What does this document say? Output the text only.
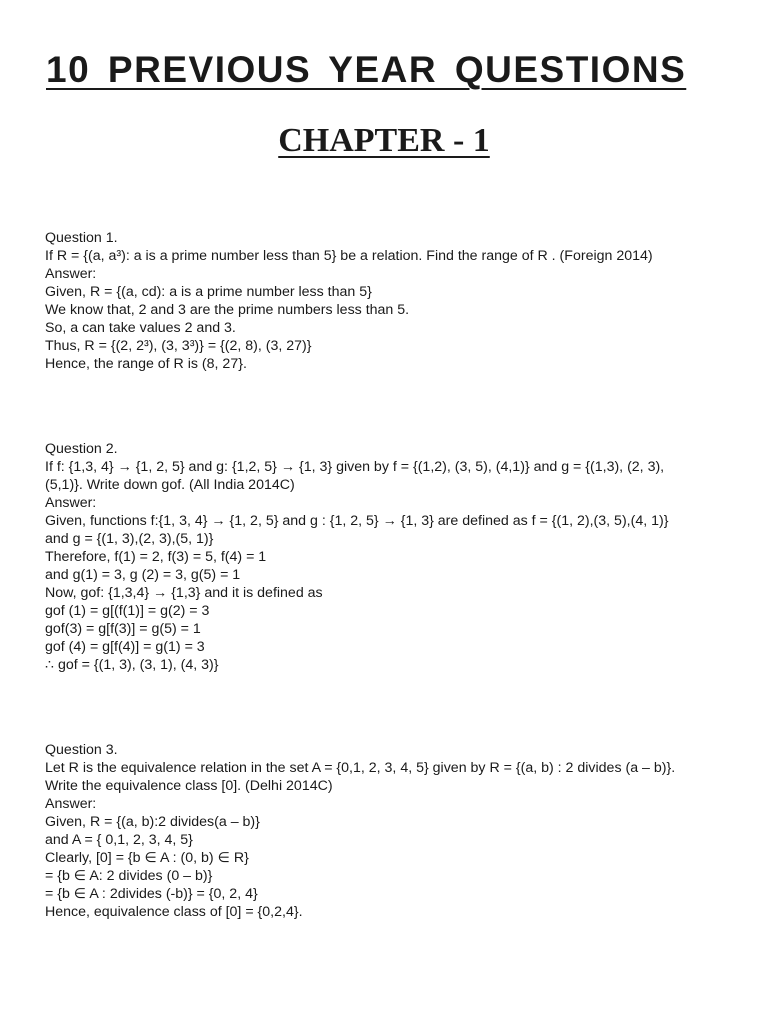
10 PREVIOUS YEAR QUESTIONS
CHAPTER - 1
Question 1.
If R = {(a, a³): a is a prime number less than 5} be a relation. Find the range of R . (Foreign 2014)
Answer:
Given, R = {(a, cd): a is a prime number less than 5}
We know that, 2 and 3 are the prime numbers less than 5.
So, a can take values 2 and 3.
Thus, R = {(2, 2³), (3, 3³)} = {(2, 8), (3, 27)}
Hence, the range of R is (8, 27}.
Question 2.
If f: {1,3, 4} → {1, 2, 5} and g: {1,2, 5} → {1, 3} given by f = {(1,2), (3, 5), (4,1)} and g = {(1,3), (2, 3),
(5,1)}. Write down gof. (All India 2014C)
Answer:
Given, functions f:{1, 3, 4} → {1, 2, 5} and g : {1, 2, 5} → {1, 3} are defined as f = {(1, 2),(3, 5),(4, 1)}
and g = {(1, 3),(2, 3),(5, 1)}
Therefore, f(1) = 2, f(3) = 5, f(4) = 1
and g(1) = 3, g (2) = 3, g(5) = 1
Now, gof: {1,3,4} → {1,3} and it is defined as
gof (1) = g[(f(1)] = g(2) = 3
gof(3) = g[f(3)] = g(5) = 1
gof (4) = g[f(4)] = g(1) = 3
∴ gof = {(1, 3), (3, 1), (4, 3)}
Question 3.
Let R is the equivalence relation in the set A = {0,1, 2, 3, 4, 5} given by R = {(a, b) : 2 divides (a – b)}.
Write the equivalence class [0]. (Delhi 2014C)
Answer:
Given, R = {(a, b):2 divides(a – b)}
and A = { 0,1, 2, 3, 4, 5}
Clearly, [0] = {b ∈ A : (0, b) ∈ R}
= {b ∈ A: 2 divides (0 – b)}
= {b ∈ A : 2divides (-b)} = {0, 2, 4}
Hence, equivalence class of [0] = {0,2,4}.
